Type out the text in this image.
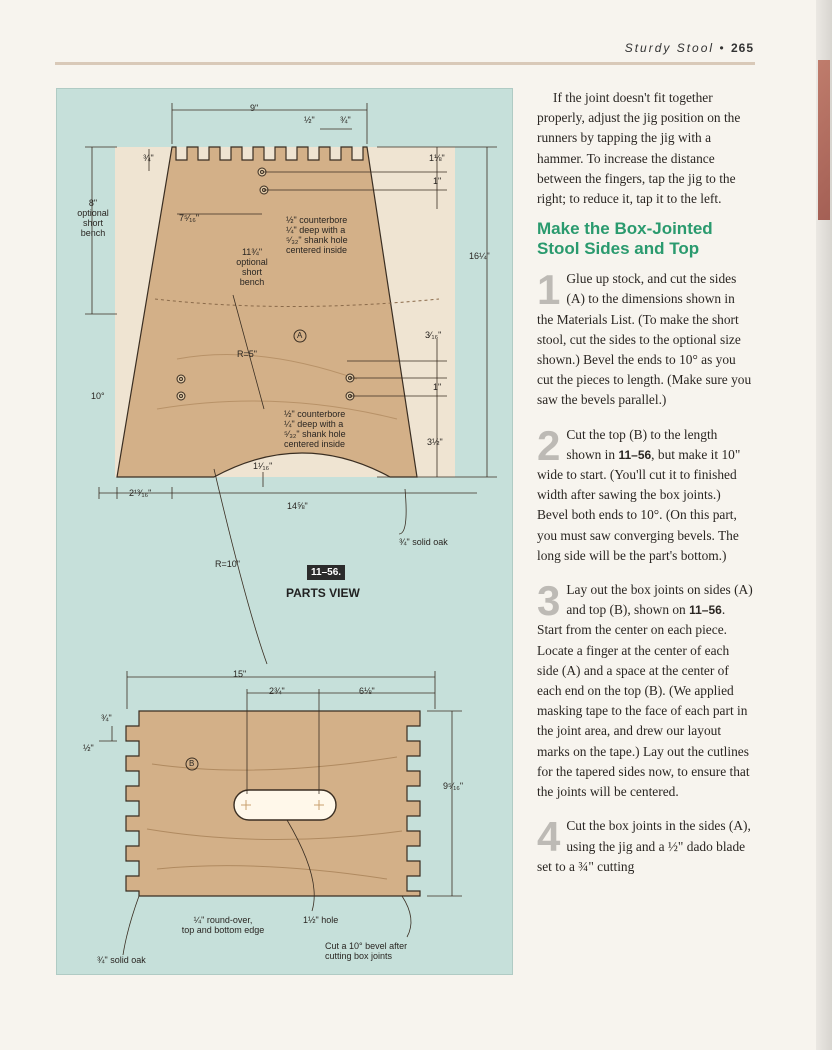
Sturdy Stool • 265
9"
½"	¾"
¾"
8"
optional
short
bench
7⁵⁄₁₆"	½" counterbore
¼" deep with a
⁵⁄₃₂" shank hole
centered inside
11¾"
optional
short
bench
1⅛"
1"
16¼"
A
R=5"
3⁄₁₆"
10°
1"
½" counterbore
¼" deep with a
⁵⁄₃₂" shank hole
centered inside	3½"
1¹⁄₁₆"
2¹³⁄₁₆"
14⅝"
¾" solid oak
R=10"
11–56.
PARTS VIEW
15"
2¾"	6⅛"
¾"
½"
B
9⁵⁄₁₆"
¼" round-over,
top and bottom edge
1½" hole
¾" solid oak
Cut a 10° bevel after
cutting box joints

If the joint doesn't fit together properly, adjust the jig position on the runners by tapping the jig with a hammer. To increase the distance between the fingers, tap the jig to the right; to reduce it, tap it to the left.

Make the Box-Jointed Stool Sides and Top
1 Glue up stock, and cut the sides (A) to the dimensions shown in the Materials List. (To make the short stool, cut the sides to the optional size shown.) Bevel the ends to 10° as you cut the pieces to length. (Make sure you saw the bevels parallel.)
2 Cut the top (B) to the length shown in 11–56, but make it 10" wide to start. (You'll cut it to finished width after sawing the box joints.) Bevel both ends to 10°. (On this part, you must saw converging bevels. The long side will be the part's bottom.)
3 Lay out the box joints on sides (A) and top (B), shown on 11–56. Start from the center on each piece. Locate a finger at the center of each side (A) and a space at the center of each end on the top (B). (We applied masking tape to the face of each part in the joint area, and drew our layout marks on the tape.) Lay out the cutlines for the tapered sides now, to ensure that the joints will be centered.
4 Cut the box joints in the sides (A), using the jig and a ½" dado blade set to a ¾" cutting
